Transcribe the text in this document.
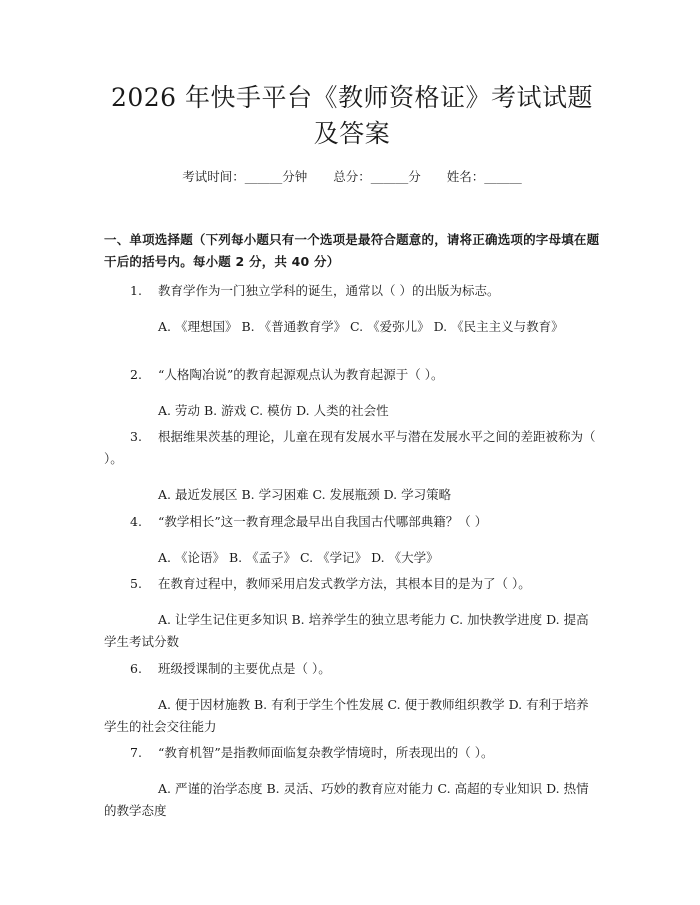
2026 年快手平台《教师资格证》考试试题及答案
考试时间：______分钟 总分：______分 姓名：______
一、单项选择题（下列每小题只有一个选项是最符合题意的，请将正确选项的字母填在题干后的括号内。每小题 2 分，共 40 分）

1. 教育学作为一门独立学科的诞生，通常以（ ）的出版为标志。

A. 《理想国》 B. 《普通教育学》 C. 《爱弥儿》 D. 《民主主义与教育》

2. “人格陶冶说”的教育起源观点认为教育起源于（ ）。

A. 劳动 B. 游戏 C. 模仿 D. 人类的社会性

3. 根据维果茨基的理论，儿童在现有发展水平与潜在发展水平之间的差距被称为（ ）。

A. 最近发展区 B. 学习困难 C. 发展瓶颈 D. 学习策略

4. “教学相长”这一教育理念最早出自我国古代哪部典籍？（ ）

A. 《论语》 B. 《孟子》 C. 《学记》 D. 《大学》

5. 在教育过程中，教师采用启发式教学方法，其根本目的是为了（ ）。

A. 让学生记住更多知识 B. 培养学生的独立思考能力 C. 加快教学进度 D. 提高学生考试分数

6. 班级授课制的主要优点是（ ）。

A. 便于因材施教 B. 有利于学生个性发展 C. 便于教师组织教学 D. 有利于培养学生的社会交往能力

7. “教育机智”是指教师面临复杂教学情境时，所表现出的（ ）。

A. 严谨的治学态度 B. 灵活、巧妙的教育应对能力 C. 高超的专业知识 D. 热情的教学态度
